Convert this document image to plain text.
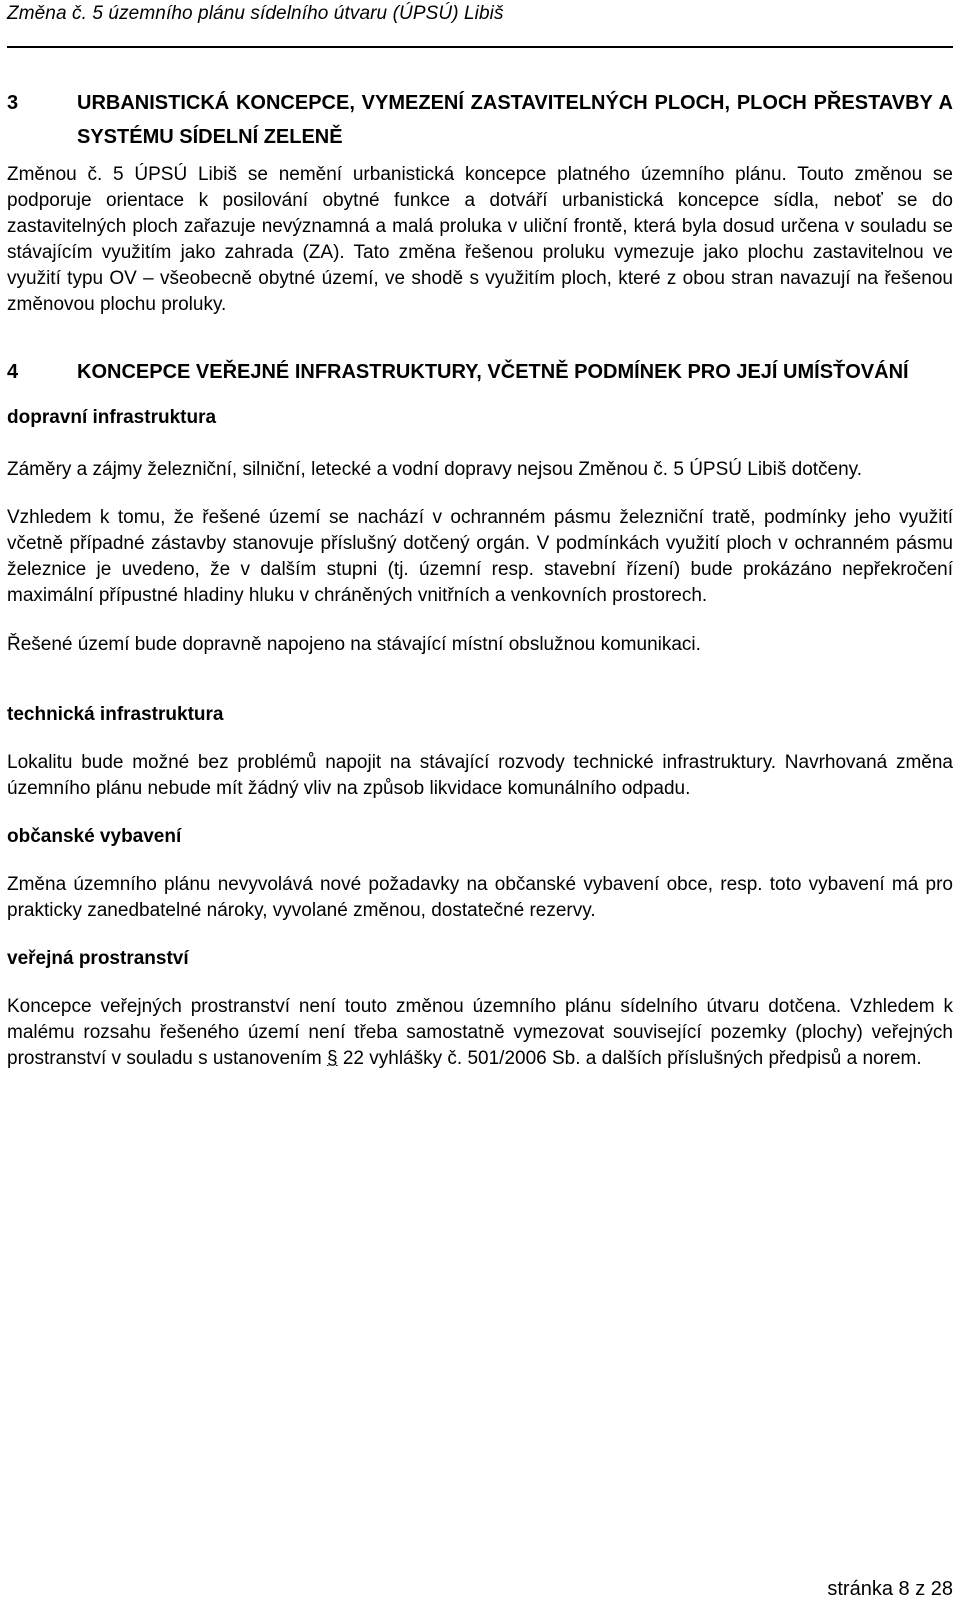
Změna č. 5 územního plánu sídelního útvaru (ÚPSÚ) Libiš
3	URBANISTICKÁ KONCEPCE, VYMEZENÍ ZASTAVITELNÝCH PLOCH, PLOCH PŘESTAVBY A SYSTÉMU SÍDELNÍ ZELENĚ

Změnou č. 5 ÚPSÚ Libiš se nemění urbanistická koncepce platného územního plánu. Touto změnou se podporuje orientace k posilování obytné funkce a dotváří urbanistická koncepce sídla, neboť se do zastavitelných ploch zařazuje nevýznamná a malá proluka v uliční frontě, která byla dosud určena v souladu se stávajícím využitím jako zahrada (ZA). Tato změna řešenou proluku vymezuje jako plochu zastavitelnou ve využití typu OV – všeobecně obytné území, ve shodě s využitím ploch, které z obou stran navazují na řešenou změnovou plochu proluky.

4	KONCEPCE VEŘEJNÉ INFRASTRUKTURY, VČETNĚ PODMÍNEK PRO JEJÍ UMÍSŤOVÁNÍ

dopravní infrastruktura

Záměry a zájmy železniční, silniční, letecké a vodní dopravy nejsou Změnou č. 5 ÚPSÚ Libiš dotčeny.

Vzhledem k tomu, že řešené území se nachází v ochranném pásmu železniční tratě, podmínky jeho využití včetně případné zástavby stanovuje příslušný dotčený orgán. V podmínkách využití ploch v ochranném pásmu železnice je uvedeno, že v dalším stupni (tj. územní resp. stavební řízení) bude prokázáno nepřekročení maximální přípustné hladiny hluku v chráněných vnitřních a venkovních prostorech.

Řešené území bude dopravně napojeno na stávající místní obslužnou komunikaci.

technická infrastruktura

Lokalitu bude možné bez problémů napojit na stávající rozvody technické infrastruktury. Navrhovaná změna územního plánu nebude mít žádný vliv na způsob likvidace komunálního odpadu.

občanské vybavení

Změna územního plánu nevyvolává nové požadavky na občanské vybavení obce, resp. toto vybavení má pro prakticky zanedbatelné nároky, vyvolané změnou, dostatečné rezervy.

veřejná prostranství

Koncepce veřejných prostranství není touto změnou územního plánu sídelního útvaru dotčena. Vzhledem k malému rozsahu řešeného území není třeba samostatně vymezovat související pozemky (plochy) veřejných prostranství v souladu s ustanovením § 22 vyhlášky č. 501/2006 Sb. a dalších příslušných předpisů a norem.

stránka 8 z 28
